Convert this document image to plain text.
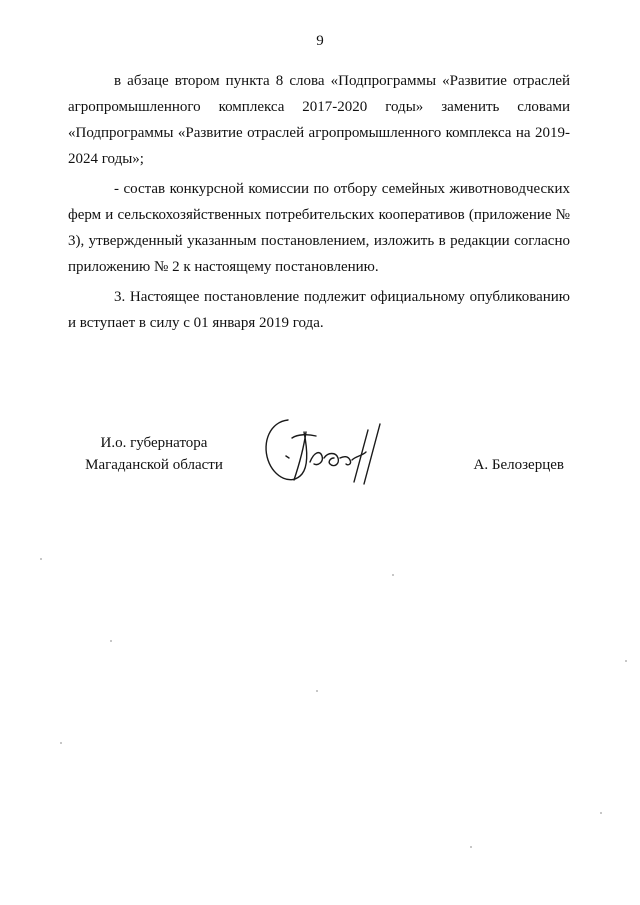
9

в абзаце втором пункта 8 слова «Подпрограммы «Развитие отраслей агропромышленного комплекса 2017-2020 годы» заменить словами «Подпрограммы «Развитие отраслей агропромышленного комплекса на 2019-2024 годы»;

- состав конкурсной комиссии по отбору семейных животноводческих ферм и сельскохозяйственных потребительских кооперативов (приложение № 3), утвержденный указанным постановлением, изложить в редакции согласно приложению № 2 к настоящему постановлению.

3. Настоящее постановление подлежит официальному опубликованию и вступает в силу с 01 января 2019 года.

И.о. губернатора
Магаданской области	А. Белозерцев
